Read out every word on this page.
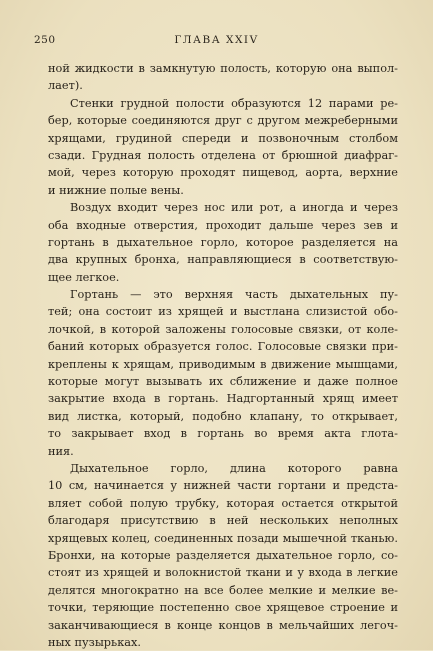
250	ГЛАВА XXIV
ной жидкости в замкнутую полость, которую она выпол-
лает).
Стенки грудной полости образуются 12 парами ре-
бер, которые соединяются друг с другом межреберными
хрящами, грудиной спереди и позвоночным столбом
сзади. Грудная полость отделена от брюшной диафраг-
мой, через которую проходят пищевод, аорта, верхние
и нижние полые вены.
Воздух входит через нос или рот, а иногда и через
оба входные отверстия, проходит дальше через зев и
гортань в дыхательное горло, которое разделяется на
два крупных бронха, направляющиеся в соответствую-
щее легкое.
Гортань — это верхняя часть дыхательных пу-
тей; она состоит из хрящей и выстлана слизистой обо-
лочкой, в которой заложены голосовые связки, от коле-
баний которых образуется голос. Голосовые связки при-
креплены к хрящам, приводимым в движение мышцами,
которые могут вызывать их сближение и даже полное
закрытие входа в гортань. Надгортанный хрящ имеет
вид листка, который, подобно клапану, то открывает,
то закрывает вход в гортань во время акта глота-
ния.
Дыхательное горло, длина которого равна
10 см, начинается у нижней части гортани и предста-
вляет собой полую трубку, которая остается открытой
благодаря присутствию в ней нескольких неполных
хрящевых колец, соединенных позади мышечной тканью.
Бронхи, на которые разделяется дыхательное горло, со-
стоят из хрящей и волокнистой ткани и у входа в легкие
делятся многократно на все более мелкие и мелкие ве-
точки, теряющие постепенно свое хрящевое строение и
заканчивающиеся в конце концов в мельчайших легоч-
ных пузырьках.
